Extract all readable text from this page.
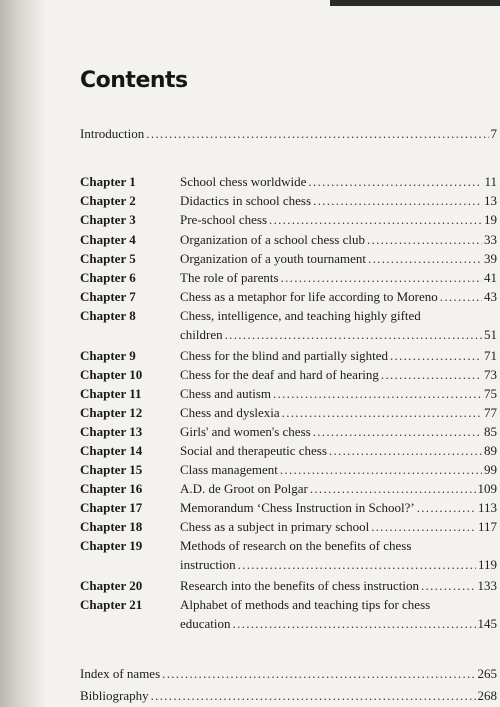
Contents
Introduction .....	7
Chapter 1	School chess worldwide .....	11
Chapter 2	Didactics in school chess .....	13
Chapter 3	Pre-school chess .....	19
Chapter 4	Organization of a school chess club .....	33
Chapter 5	Organization of a youth tournament .....	39
Chapter 6	The role of parents .....	41
Chapter 7	Chess as a metaphor for life according to Moreno .....	43
Chapter 8	Chess, intelligence, and teaching highly gifted
children .....	51
Chapter 9	Chess for the blind and partially sighted .....	71
Chapter 10	Chess for the deaf and hard of hearing .....	73
Chapter 11	Chess and autism .....	75
Chapter 12	Chess and dyslexia .....	77
Chapter 13	Girls' and women's chess .....	85
Chapter 14	Social and therapeutic chess .....	89
Chapter 15	Class management .....	99
Chapter 16	A.D. de Groot on Polgar .....	109
Chapter 17	Memorandum ‘Chess Instruction in School?’ .....	113
Chapter 18	Chess as a subject in primary school .....	117
Chapter 19	Methods of research on the benefits of chess
instruction .....	119
Chapter 20	Research into the benefits of chess instruction .....	133
Chapter 21	Alphabet of methods and teaching tips for chess
education .....	145
Index of names .....	265
Bibliography .....	268
